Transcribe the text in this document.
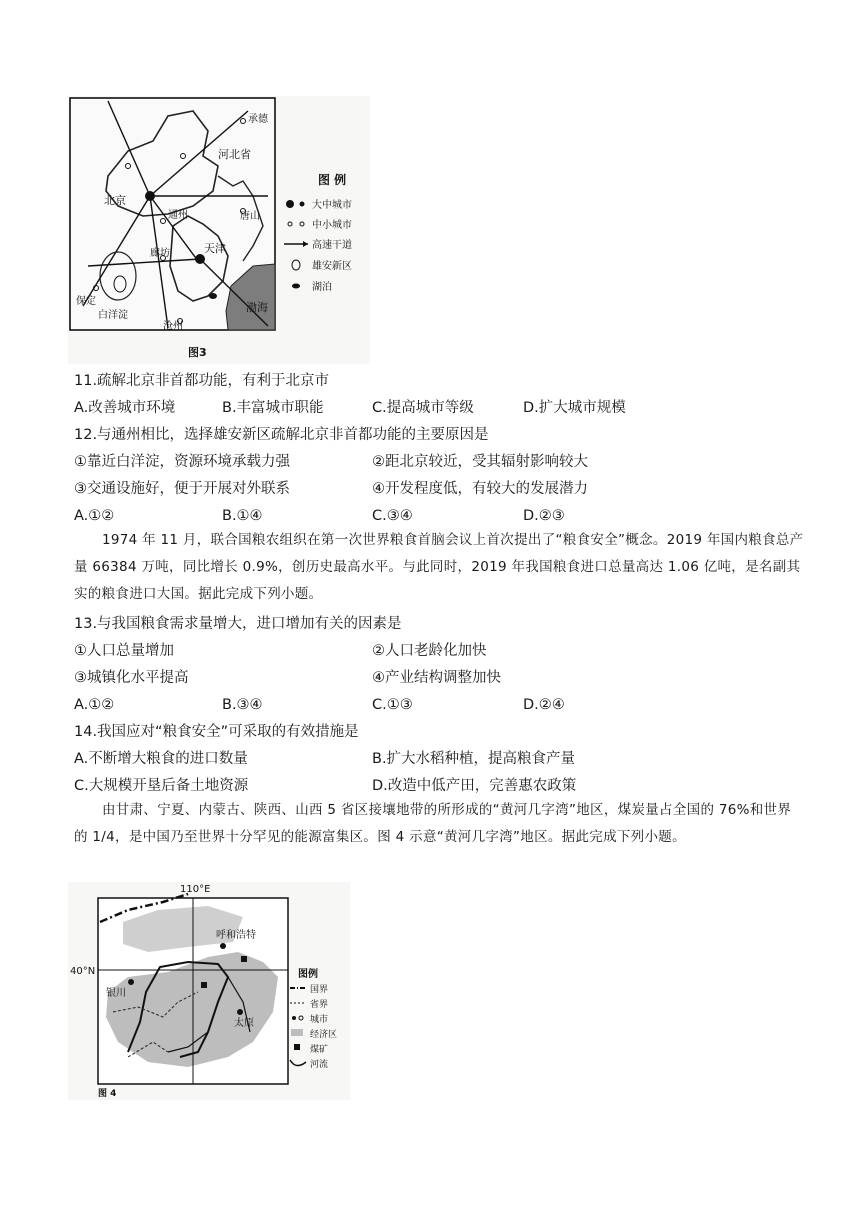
承德
河北省
北京
通州	唐山
廊坊	天津
保定
白洋淀
沧州
渤海
图 例
大中城市
中小城市
高速干道
雄安新区
湖泊
图3
11.疏解北京非首都功能，有利于北京市
A.改善城市环境	B.丰富城市职能	C.提高城市等级	D.扩大城市规模
12.与通州相比，选择雄安新区疏解北京非首都功能的主要原因是
①靠近白洋淀，资源环境承载力强	②距北京较近，受其辐射影响较大
③交通设施好，便于开展对外联系	④开发程度低，有较大的发展潜力
A.①②	B.①④	C.③④	D.②③
1974 年 11 月，联合国粮农组织在第一次世界粮食首脑会议上首次提出了“粮食安全”概念。2019 年国内粮食总产量 66384 万吨，同比增长 0.9%，创历史最高水平。与此同时，2019 年我国粮食进口总量高达 1.06 亿吨，是名副其实的粮食进口大国。据此完成下列小题。
13.与我国粮食需求量增大，进口增加有关的因素是
①人口总量增加	②人口老龄化加快
③城镇化水平提高	④产业结构调整加快
A.①②	B.③④	C.①③	D.②④
14.我国应对“粮食安全”可采取的有效措施是
A.不断增大粮食的进口数量	B.扩大水稻种植，提高粮食产量
C.大规模开垦后备土地资源	D.改造中低产田，完善惠农政策
由甘肃、宁夏、内蒙古、陕西、山西 5 省区接壤地带的所形成的“黄河几字湾”地区，煤炭量占全国的 76%和世界的 1/4，是中国乃至世界十分罕见的能源富集区。图 4 示意“黄河几字湾”地区。据此完成下列小题。
110°E
40°N
呼和浩特
银川
太原
图例
国界
省界
城市
经济区
煤矿
河流
图 4
